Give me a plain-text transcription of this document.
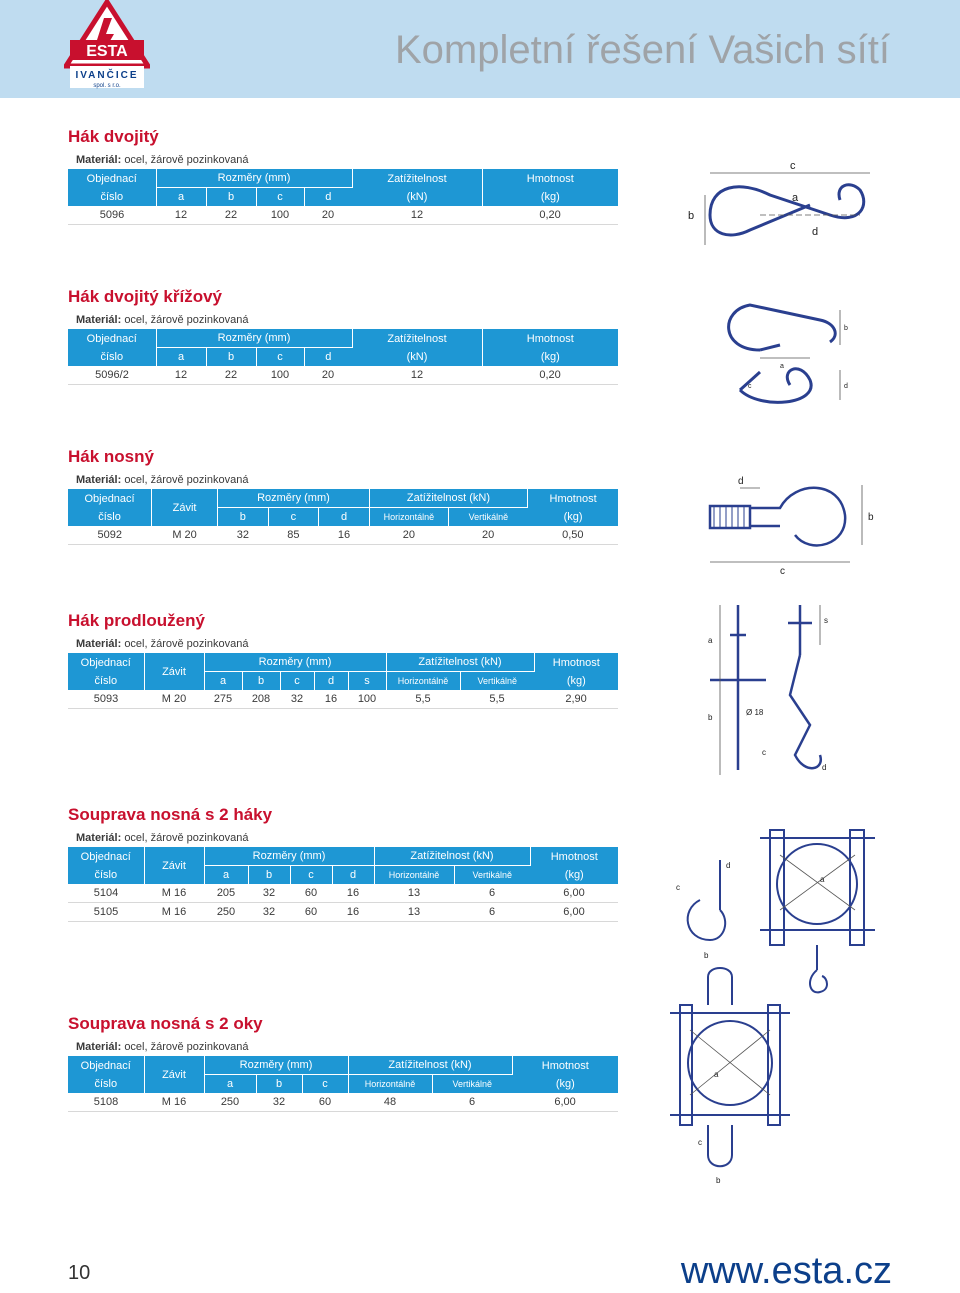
ESTA
IVANČICE
spol. s r.o.
Kompletní řešení Vašich sítí
Hák dvojitý
Materiál: ocel, žárově pozinkovaná						
Objednací
číslo	Rozměry (mm)				Zatížitelnost
(kN)	Hmotnost
(kg)
	a	b	c	d		
5096	12	22	100	20	12	0,20
Hák dvojitý křížový
Materiál: ocel, žárově pozinkovaná						
Objednací
číslo	Rozměry (mm)				Zatížitelnost
(kN)	Hmotnost
(kg)
	a	b	c	d		
5096/2	12	22	100	20	12	0,20
Hák nosný
Materiál: ocel, žárově pozinkovaná							
Objednací
číslo	Závit	Rozměry (mm)			Zatížitelnost (kN)		Hmotnost
(kg)
		b	c	d	Horizontálně	Vertikálně	
5092	M 20	32	85	16	20	20	0,50
Hák prodloužený
Materiál: ocel, žárově pozinkovaná									
Objednací
číslo	Závit	Rozměry (mm)					Zatížitelnost (kN)		Hmotnost
(kg)
		a	b	c	d	s	Horizontálně	Vertikálně	
5093	M 20	275	208	32	16	100	5,5	5,5	2,90
Souprava nosná s 2 háky
Materiál: ocel, žárově pozinkovaná								
Objednací
číslo	Závit	Rozměry (mm)				Zatížitelnost (kN)		Hmotnost
(kg)
		a	b	c	d	Horizontálně	Vertikálně	
5104	M 16	205	32	60	16	13	6	6,00
5105	M 16	250	32	60	16	13	6	6,00
Souprava nosná s 2 oky
Materiál: ocel, žárově pozinkovaná							
Objednací
číslo	Závit	Rozměry (mm)			Zatížitelnost (kN)		Hmotnost
(kg)
		a	b	c	Horizontálně	Vertikálně	
5108	M 16	250	32	60	48	6	6,00
c
b
a
d
a
b
c	d
d
b
c
a
s
b
Ø 18
c
d
c
d
b
a
a
c
b
10	www.esta.cz
